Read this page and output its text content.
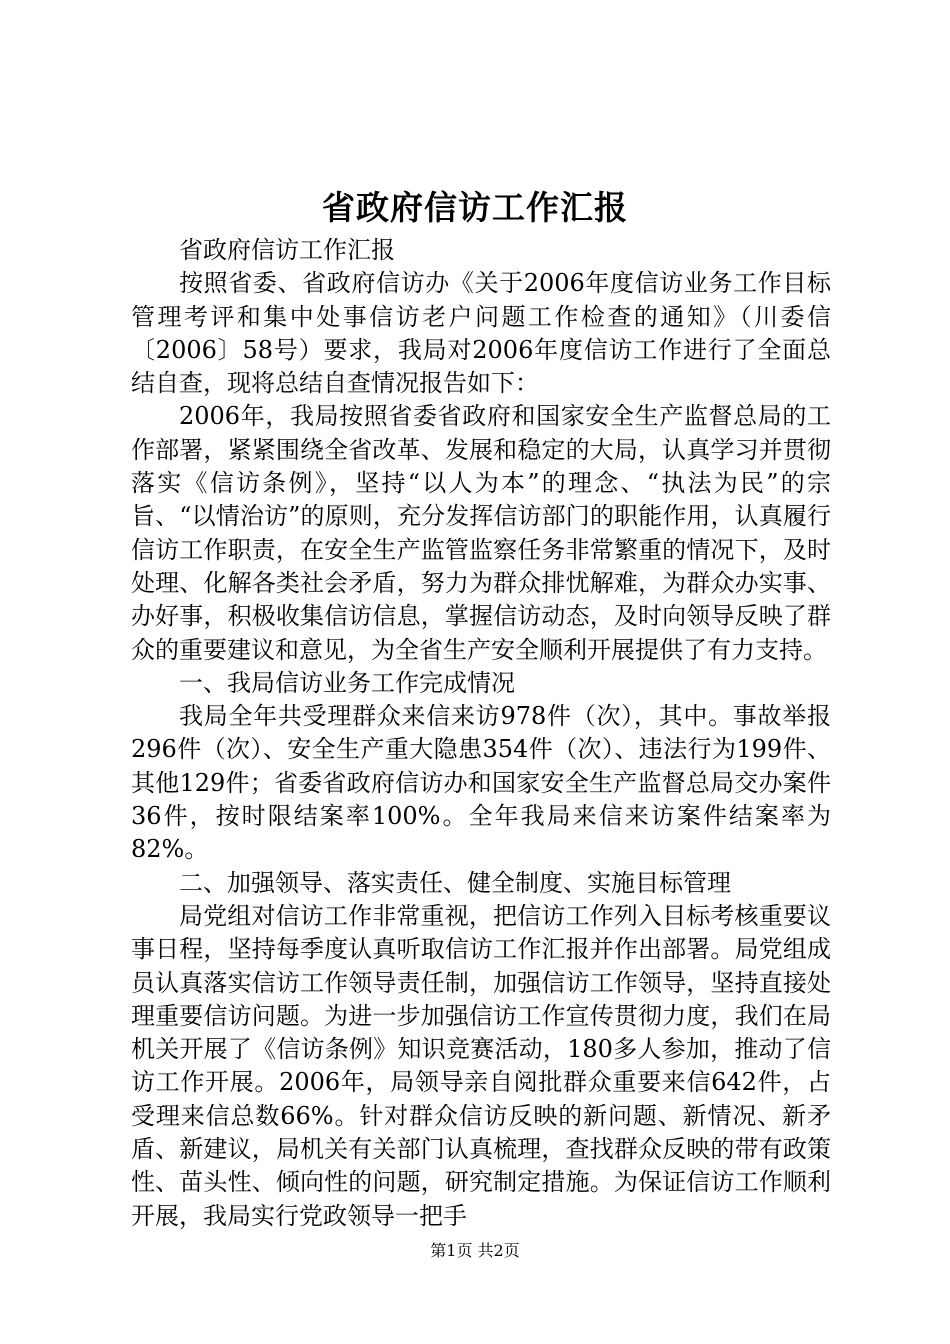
省政府信访工作汇报

省政府信访工作汇报

按照省委、省政府信访办《关于2006年度信访业务工作目标管理考评和集中处事信访老户问题工作检查的通知》（川委信〔2006〕58号）要求，我局对2006年度信访工作进行了全面总结自查，现将总结自查情况报告如下：

2006年，我局按照省委省政府和国家安全生产监督总局的工作部署，紧紧围绕全省改革、发展和稳定的大局，认真学习并贯彻落实《信访条例》，坚持“以人为本”的理念、“执法为民”的宗旨、“以情治访”的原则，充分发挥信访部门的职能作用，认真履行信访工作职责，在安全生产监管监察任务非常繁重的情况下，及时处理、化解各类社会矛盾，努力为群众排忧解难，为群众办实事、办好事，积极收集信访信息，掌握信访动态，及时向领导反映了群众的重要建议和意见，为全省生产安全顺利开展提供了有力支持。

一、我局信访业务工作完成情况

我局全年共受理群众来信来访978件（次），其中。事故举报296件（次）、安全生产重大隐患354件（次）、违法行为199件、其他129件；省委省政府信访办和国家安全生产监督总局交办案件36件，按时限结案率100%。全年我局来信来访案件结案率为82%。

二、加强领导、落实责任、健全制度、实施目标管理

局党组对信访工作非常重视，把信访工作列入目标考核重要议事日程，坚持每季度认真听取信访工作汇报并作出部署。局党组成员认真落实信访工作领导责任制，加强信访工作领导，坚持直接处理重要信访问题。为进一步加强信访工作宣传贯彻力度，我们在局机关开展了《信访条例》知识竞赛活动，180多人参加，推动了信访工作开展。2006年，局领导亲自阅批群众重要来信642件，占受理来信总数66%。针对群众信访反映的新问题、新情况、新矛盾、新建议，局机关有关部门认真梳理，查找群众反映的带有政策性、苗头性、倾向性的问题，研究制定措施。为保证信访工作顺利开展，我局实行党政领导一把手

第1页 共2页
